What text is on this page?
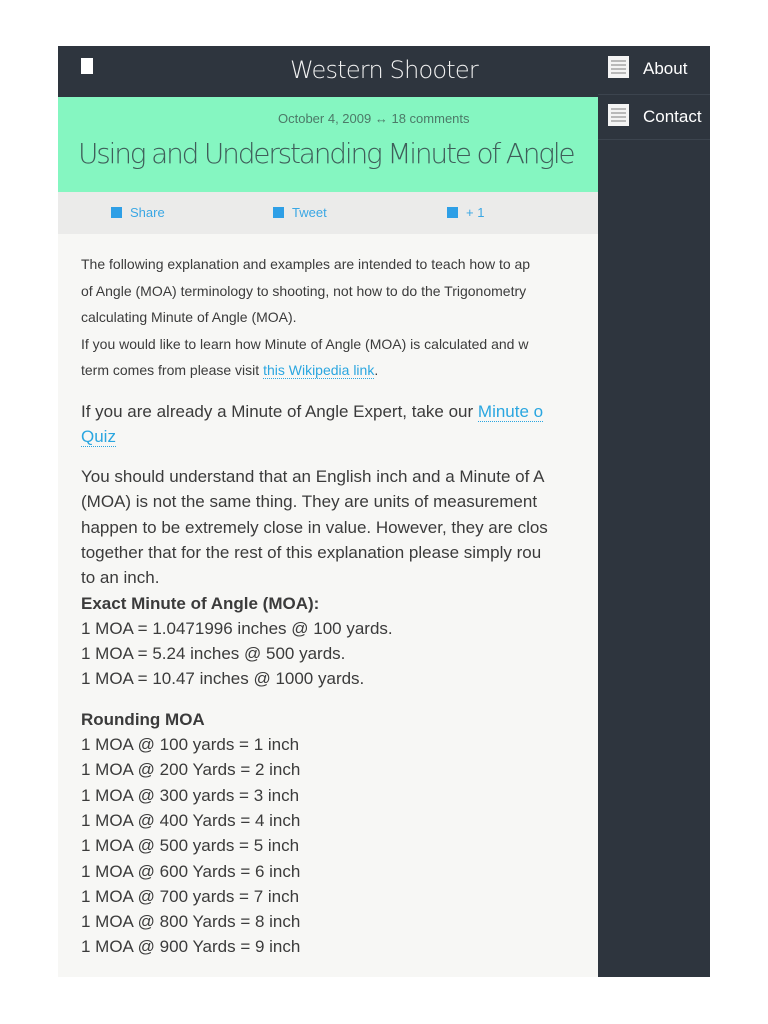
Western Shooter
October 4, 2009 ↔ 18 comments
Using and Understanding Minute of Angle
Share	Tweet	+ 1
The following explanation and examples are intended to teach how to ap
of Angle (MOA) terminology to shooting, not how to do the Trigonometry
calculating Minute of Angle (MOA).
If you would like to learn how Minute of Angle (MOA) is calculated and w
term comes from please visit this Wikipedia link.
If you are already a Minute of Angle Expert, take our Minute o
Quiz
You should understand that an English inch and a Minute of A
(MOA) is not the same thing. They are units of measurement
happen to be extremely close in value. However, they are clos
together that for the rest of this explanation please simply rou
to an inch.
Exact Minute of Angle (MOA):
1 MOA = 1.0471996 inches @ 100 yards.
1 MOA = 5.24 inches @ 500 yards.
1 MOA = 10.47 inches @ 1000 yards.
Rounding MOA
1 MOA @ 100 yards = 1 inch
1 MOA @ 200 Yards = 2 inch
1 MOA @ 300 yards = 3 inch
1 MOA @ 400 Yards = 4 inch
1 MOA @ 500 yards = 5 inch
1 MOA @ 600 Yards = 6 inch
1 MOA @ 700 yards = 7 inch
1 MOA @ 800 Yards = 8 inch
1 MOA @ 900 Yards = 9 inch
About
Contact
